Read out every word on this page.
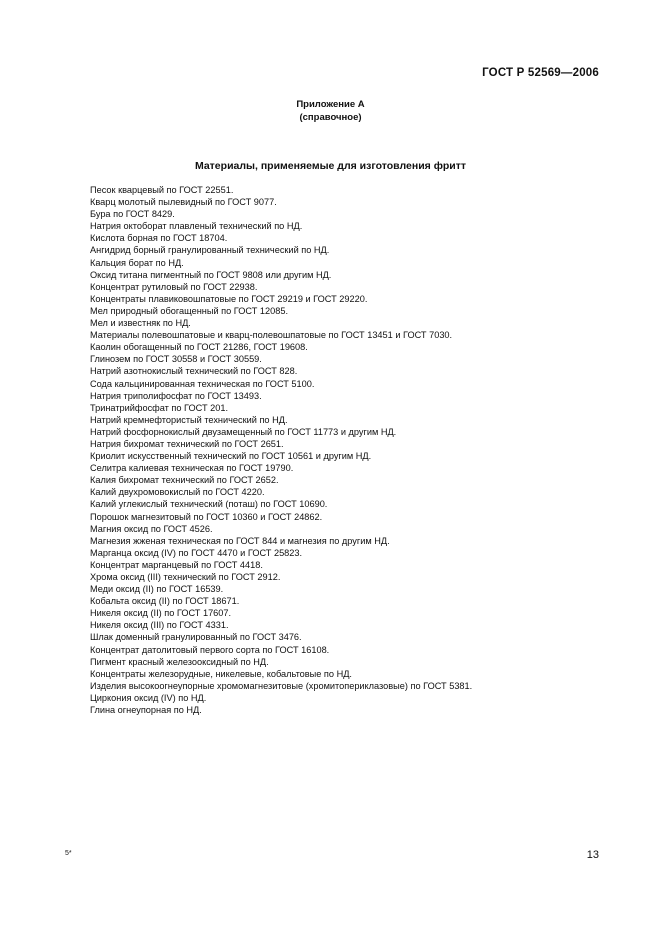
ГОСТ Р 52569—2006
Приложение А
(справочное)
Материалы, применяемые для изготовления фритт
Песок кварцевый по ГОСТ 22551.
Кварц молотый пылевидный по ГОСТ 9077.
Бура по ГОСТ 8429.
Натрия октоборат плавленый технический по НД.
Кислота борная по ГОСТ 18704.
Ангидрид борный гранулированный технический по НД.
Кальция борат по НД.
Оксид титана пигментный по ГОСТ 9808 или другим НД.
Концентрат рутиловый по ГОСТ 22938.
Концентраты плавиковошпатовые по ГОСТ 29219 и ГОСТ 29220.
Мел природный обогащенный по ГОСТ 12085.
Мел и известняк по НД.
Материалы полевошпатовые и кварц-полевошпатовые по ГОСТ 13451 и ГОСТ 7030.
Каолин обогащенный по ГОСТ 21286, ГОСТ 19608.
Глинозем по ГОСТ 30558 и ГОСТ 30559.
Натрий азотнокислый технический по ГОСТ 828.
Сода кальцинированная техническая по ГОСТ 5100.
Натрия триполифосфат по ГОСТ 13493.
Тринатрийфосфат по ГОСТ 201.
Натрий кремнефтористый технический по НД.
Натрий фосфорнокислый двузамещенный по ГОСТ 11773 и другим НД.
Натрия бихромат технический по ГОСТ 2651.
Криолит искусственный технический по ГОСТ 10561 и другим НД.
Селитра калиевая техническая по ГОСТ 19790.
Калия бихромат технический по ГОСТ 2652.
Калий двухромовокислый по ГОСТ 4220.
Калий углекислый технический (поташ) по ГОСТ 10690.
Порошок магнезитовый по ГОСТ 10360 и ГОСТ 24862.
Магния оксид по ГОСТ 4526.
Магнезия жженая техническая по ГОСТ 844 и магнезия по другим НД.
Марганца оксид (IV) по ГОСТ 4470 и ГОСТ 25823.
Концентрат марганцевый по ГОСТ 4418.
Хрома оксид (III) технический по ГОСТ 2912.
Меди оксид (II) по ГОСТ 16539.
Кобальта оксид (II) по ГОСТ 18671.
Никеля оксид (II) по ГОСТ 17607.
Никеля оксид (III) по ГОСТ 4331.
Шлак доменный гранулированный по ГОСТ 3476.
Концентрат датолитовый первого сорта по ГОСТ 16108.
Пигмент красный железооксидный по НД.
Концентраты железорудные, никелевые, кобальтовые по НД.
Изделия высокоогнеупорные хромомагнезитовые (хромитопериклазовые) по ГОСТ 5381.
Циркония оксид (IV) по НД.
Глина огнеупорная по НД.
5*	13
